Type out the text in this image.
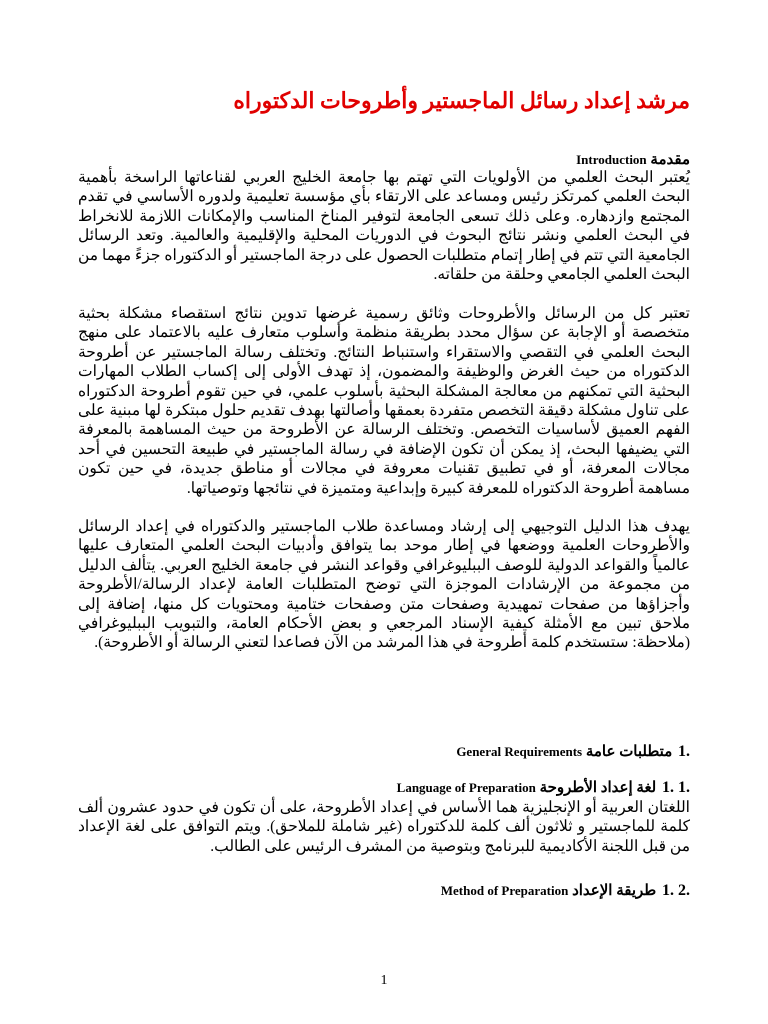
مرشد إعداد رسائل الماجستير وأطروحات الدكتوراه
مقدمة Introduction

يُعتبر البحث العلمي من الأولويات التي تهتم بها جامعة الخليج العربي لقناعاتها الراسخة بأهمية البحث العلمي كمرتكز رئيس ومساعد على الارتقاء بأي مؤسسة تعليمية ولدوره الأساسي في تقدم المجتمع وازدهاره. وعلى ذلك تسعى الجامعة لتوفير المناخ المناسب والإمكانات اللازمة للانخراط في البحث العلمي ونشر نتائج البحوث في الدوريات المحلية والإقليمية والعالمية. وتعد الرسائل الجامعية التي تتم في إطار إتمام متطلبات الحصول على درجة الماجستير أو الدكتوراه جزءً مهما من البحث العلمي الجامعي وحلقة من حلقاته.

تعتبر كل من الرسائل والأطروحات وثائق رسمية غرضها تدوين نتائج استقصاء مشكلة بحثية متخصصة أو الإجابة عن سؤال محدد بطريقة منظمة وأسلوب متعارف عليه بالاعتماد على منهج البحث العلمي في التقصي والاستقراء واستنباط النتائج. وتختلف رسالة الماجستير عن أطروحة الدكتوراه من حيث الغرض والوظيفة والمضمون، إذ تهدف الأولى إلى إكساب الطلاب المهارات البحثية التي تمكنهم من معالجة المشكلة البحثية بأسلوب علمي، في حين تقوم أطروحة الدكتوراه على تناول مشكلة دقيقة التخصص متفردة بعمقها وأصالتها بهدف تقديم حلول مبتكرة لها مبنية على الفهم العميق لأساسيات التخصص. وتختلف الرسالة عن الأطروحة من حيث المساهمة بالمعرفة التي يضيفها البحث، إذ يمكن أن تكون الإضافة في رسالة الماجستير في طبيعة التحسين في أحد مجالات المعرفة، أو في تطبيق تقنيات معروفة في مجالات أو مناطق جديدة، في حين تكون مساهمة أطروحة الدكتوراه للمعرفة كبيرة وإبداعية ومتميزة في نتائجها وتوصياتها.

يهدف هذا الدليل التوجيهي إلى إرشاد ومساعدة طلاب الماجستير والدكتوراه في إعداد الرسائل والأطروحات العلمية ووضعها في إطار موحد بما يتوافق وأدبيات البحث العلمي المتعارف عليها عالمياً والقواعد الدولية للوصف الببليوغرافي وقواعد النشر في جامعة الخليج العربي. يتألف الدليل من مجموعة من الإرشادات الموجزة التي توضح المتطلبات العامة لإعداد الرسالة/الأطروحة وأجزاؤها من صفحات تمهيدية وصفحات متن وصفحات ختامية ومحتويات كل منها، إضافة إلى ملاحق تبين مع الأمثلة كيفية الإسناد المرجعي و بعض الأحكام العامة، والتبويب الببليوغرافي (ملاحظة: ستستخدم كلمة أطروحة في هذا المرشد من الآن فصاعدا لتعني الرسالة أو الأطروحة).

1. متطلبات عامة General Requirements
1. 1. لغة إعداد الأطروحة Language of Preparation

اللغتان العربية أو الإنجليزية هما الأساس في إعداد الأطروحة، على أن تكون في حدود عشرون ألف كلمة للماجستير و ثلاثون ألف كلمة للدكتوراه (غير شاملة للملاحق). ويتم التوافق على لغة الإعداد من قبل اللجنة الأكاديمية للبرنامج وبتوصية من المشرف الرئيس على الطالب.

1. 2. طريقة الإعداد Method of Preparation
1
